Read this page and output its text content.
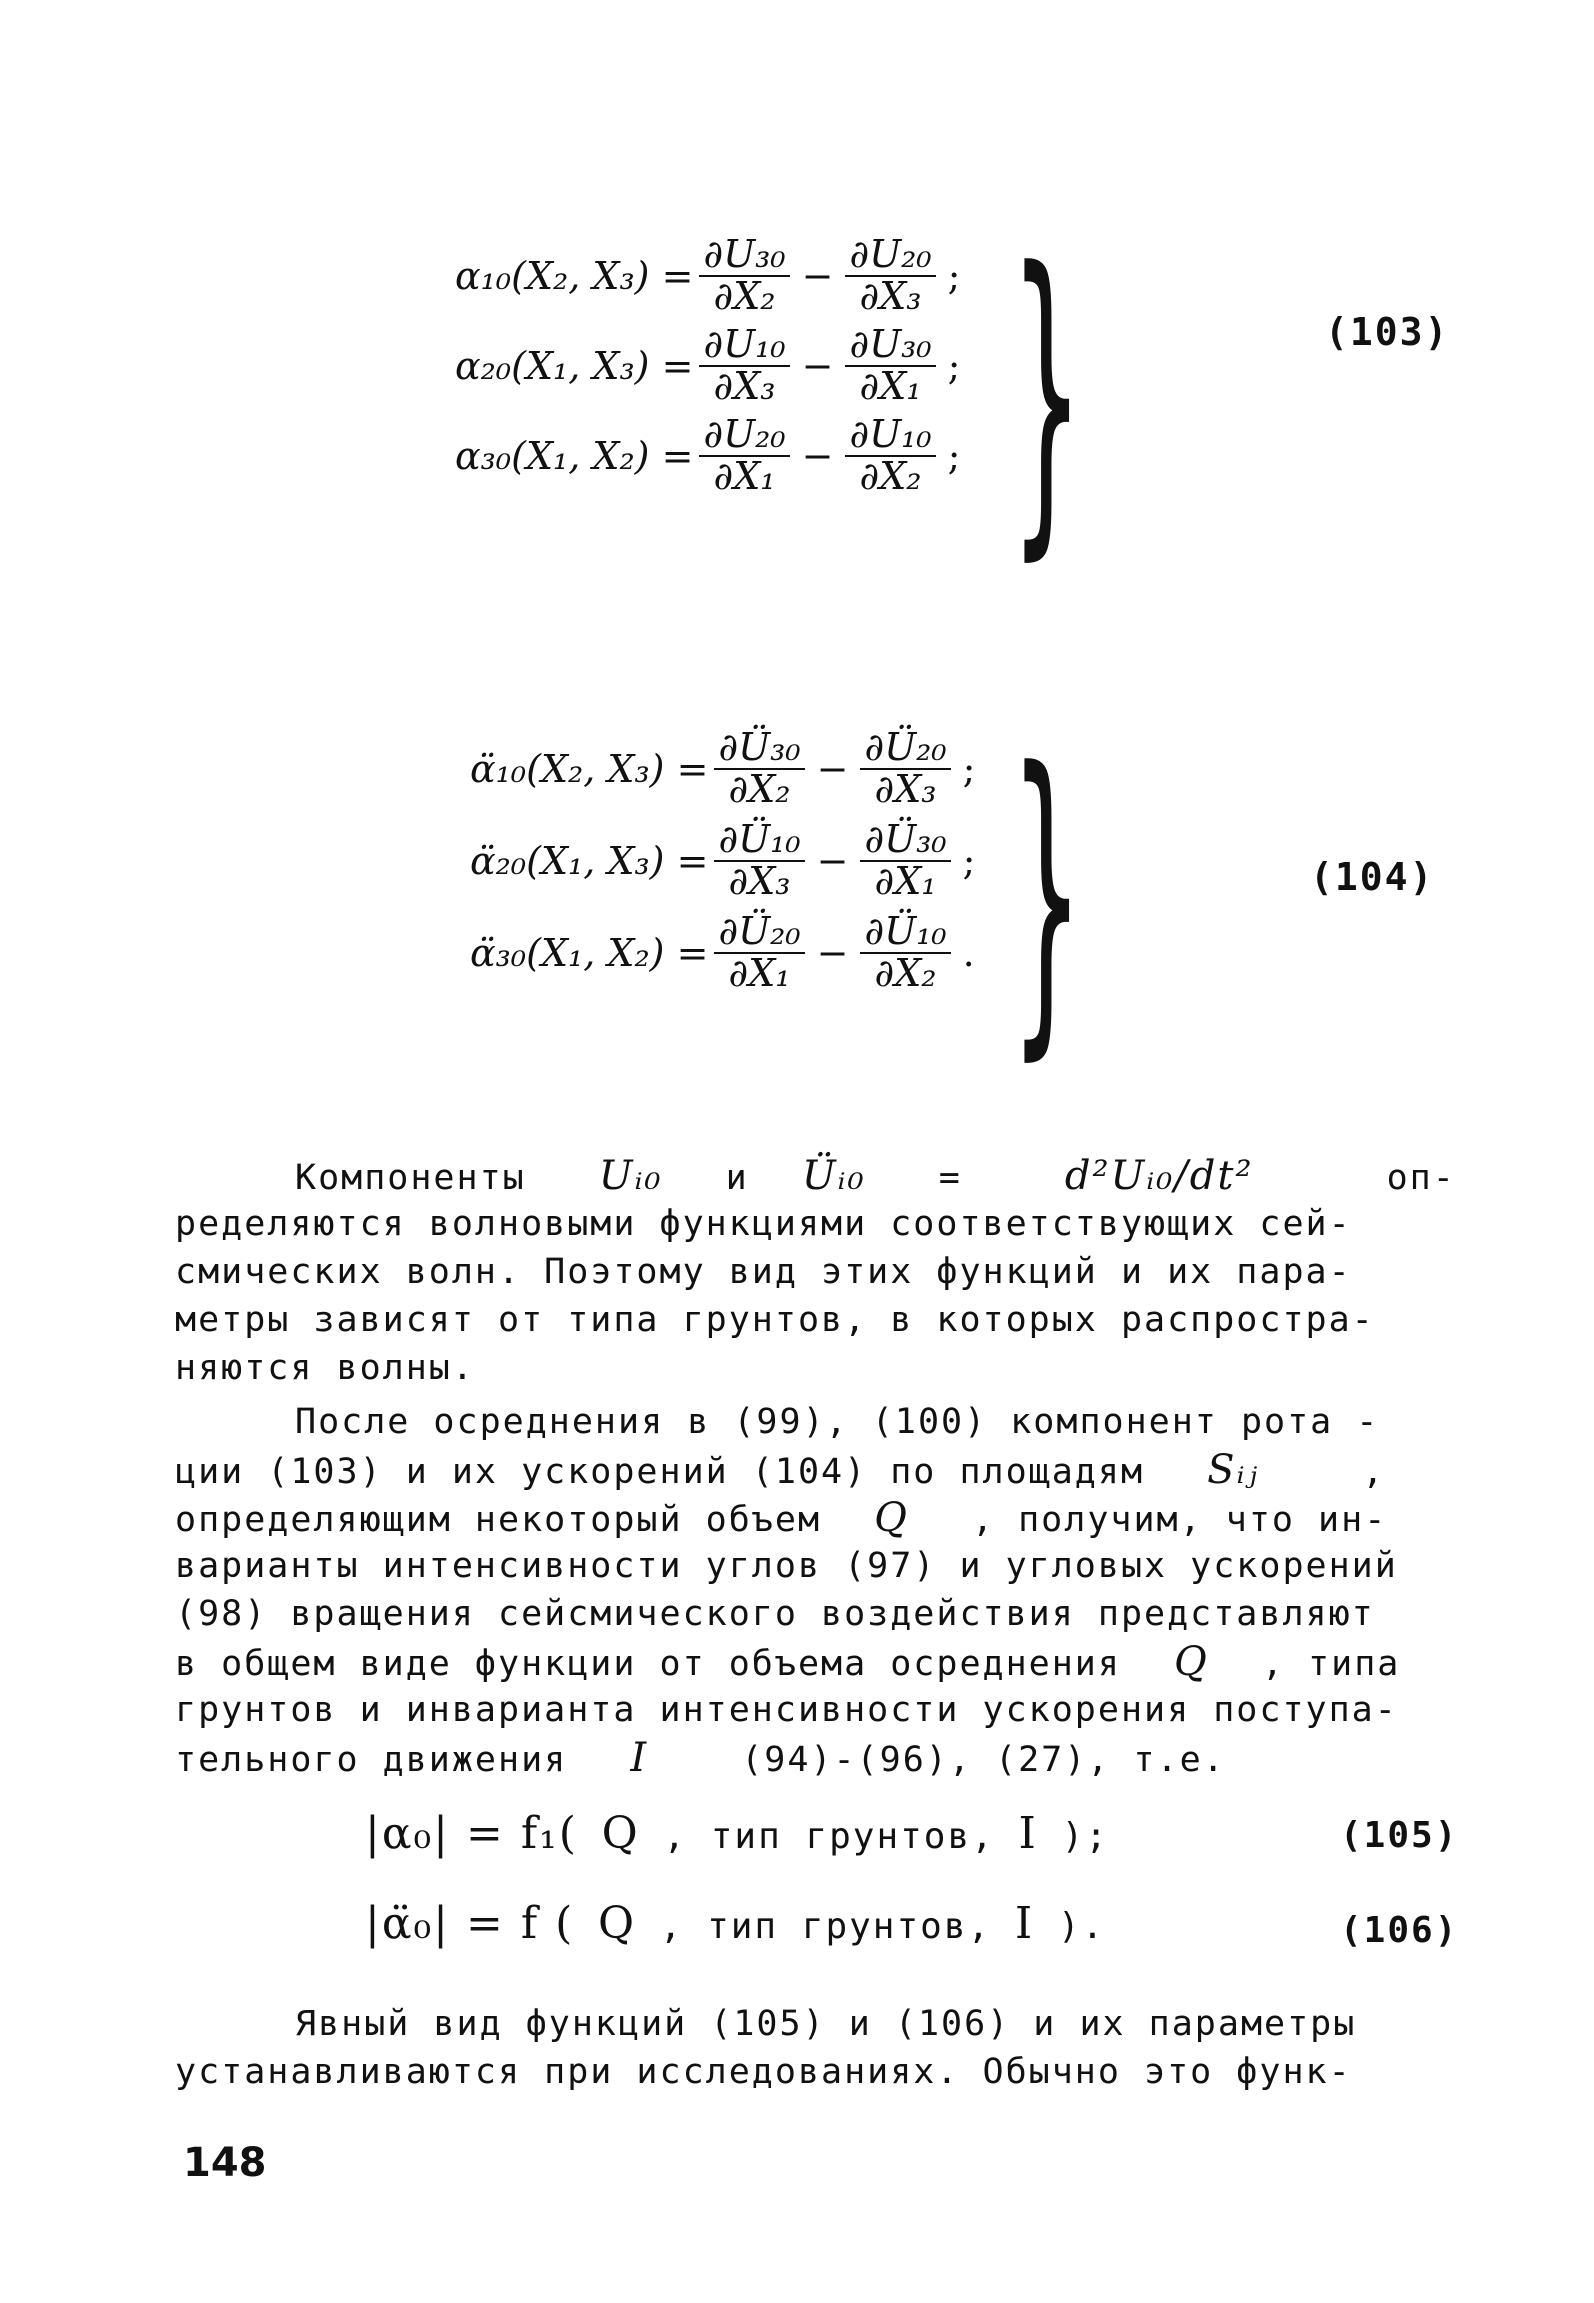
α₁₀(X₂, $X_3) = \frac{\text{∂U₃₀}}{\text{∂X₂}} - \frac{\text{∂U₂₀}}{\text{∂X₃}}$ ;
α₂₀(X₁, $X_3) = \frac{\text{∂U₁₀}}{\text{∂X₃}} - \frac{\text{∂U₃₀}}{\text{∂X₁}}$ ;
α₃₀(X₁, $X_2) = \frac{\text{∂U₂₀}}{\text{∂X₁}} - \frac{\text{∂U₁₀}}{\text{∂X₂}}$ ; }	(103)
α̈₁₀(X₂, $X_3) = \frac{\text{∂Ü₃₀}}{\text{∂X₂}} - \frac{\text{∂Ü₂₀}}{\text{∂X₃}}$ ;
α̈₂₀(X₁, $X_3) = \frac{\text{∂Ü₁₀}}{\text{∂X₃}} - \frac{\text{∂Ü₃₀}}{\text{∂X₁}}$ ;
α̈₃₀(X₁, $X_2) = \frac{\text{∂Ü₂₀}}{\text{∂X₁}} - \frac{\text{∂Ü₁₀}}{\text{∂X₂}}$ . }	(104)
Компоненты Uᵢ₀ и Üᵢ₀ =	d²Uᵢ₀/dt²	оп-
ределяются волновыми функциями соответствующих сей-
смических волн. Поэтому вид этих функций и их пара-
метры зависят от типа грунтов, в которых распростра-
няются волны.
После осреднения в (99), (100) компонент рота -
ции (103) и их ускорений (104) по площадям Sᵢⱼ	,
определяющим некоторый объем Q , получим, что ин-
варианты интенсивности углов (97) и угловых ускорений
(98) вращения сейсмического воздействия представляют
в общем виде функции от объема осреднения Q , типа
грунтов и инварианта интенсивности ускорения поступа-
тельного движения I	(94)-(96), (27), т.е.
|α₀| = f₁( Q , тип грунтов, I );	(105)
|α̈₀| = f ( Q , тип грунтов, I ).	(106)
Явный вид функций (105) и (106) и их параметры
устанавливаются при исследованиях. Обычно это функ-
148
